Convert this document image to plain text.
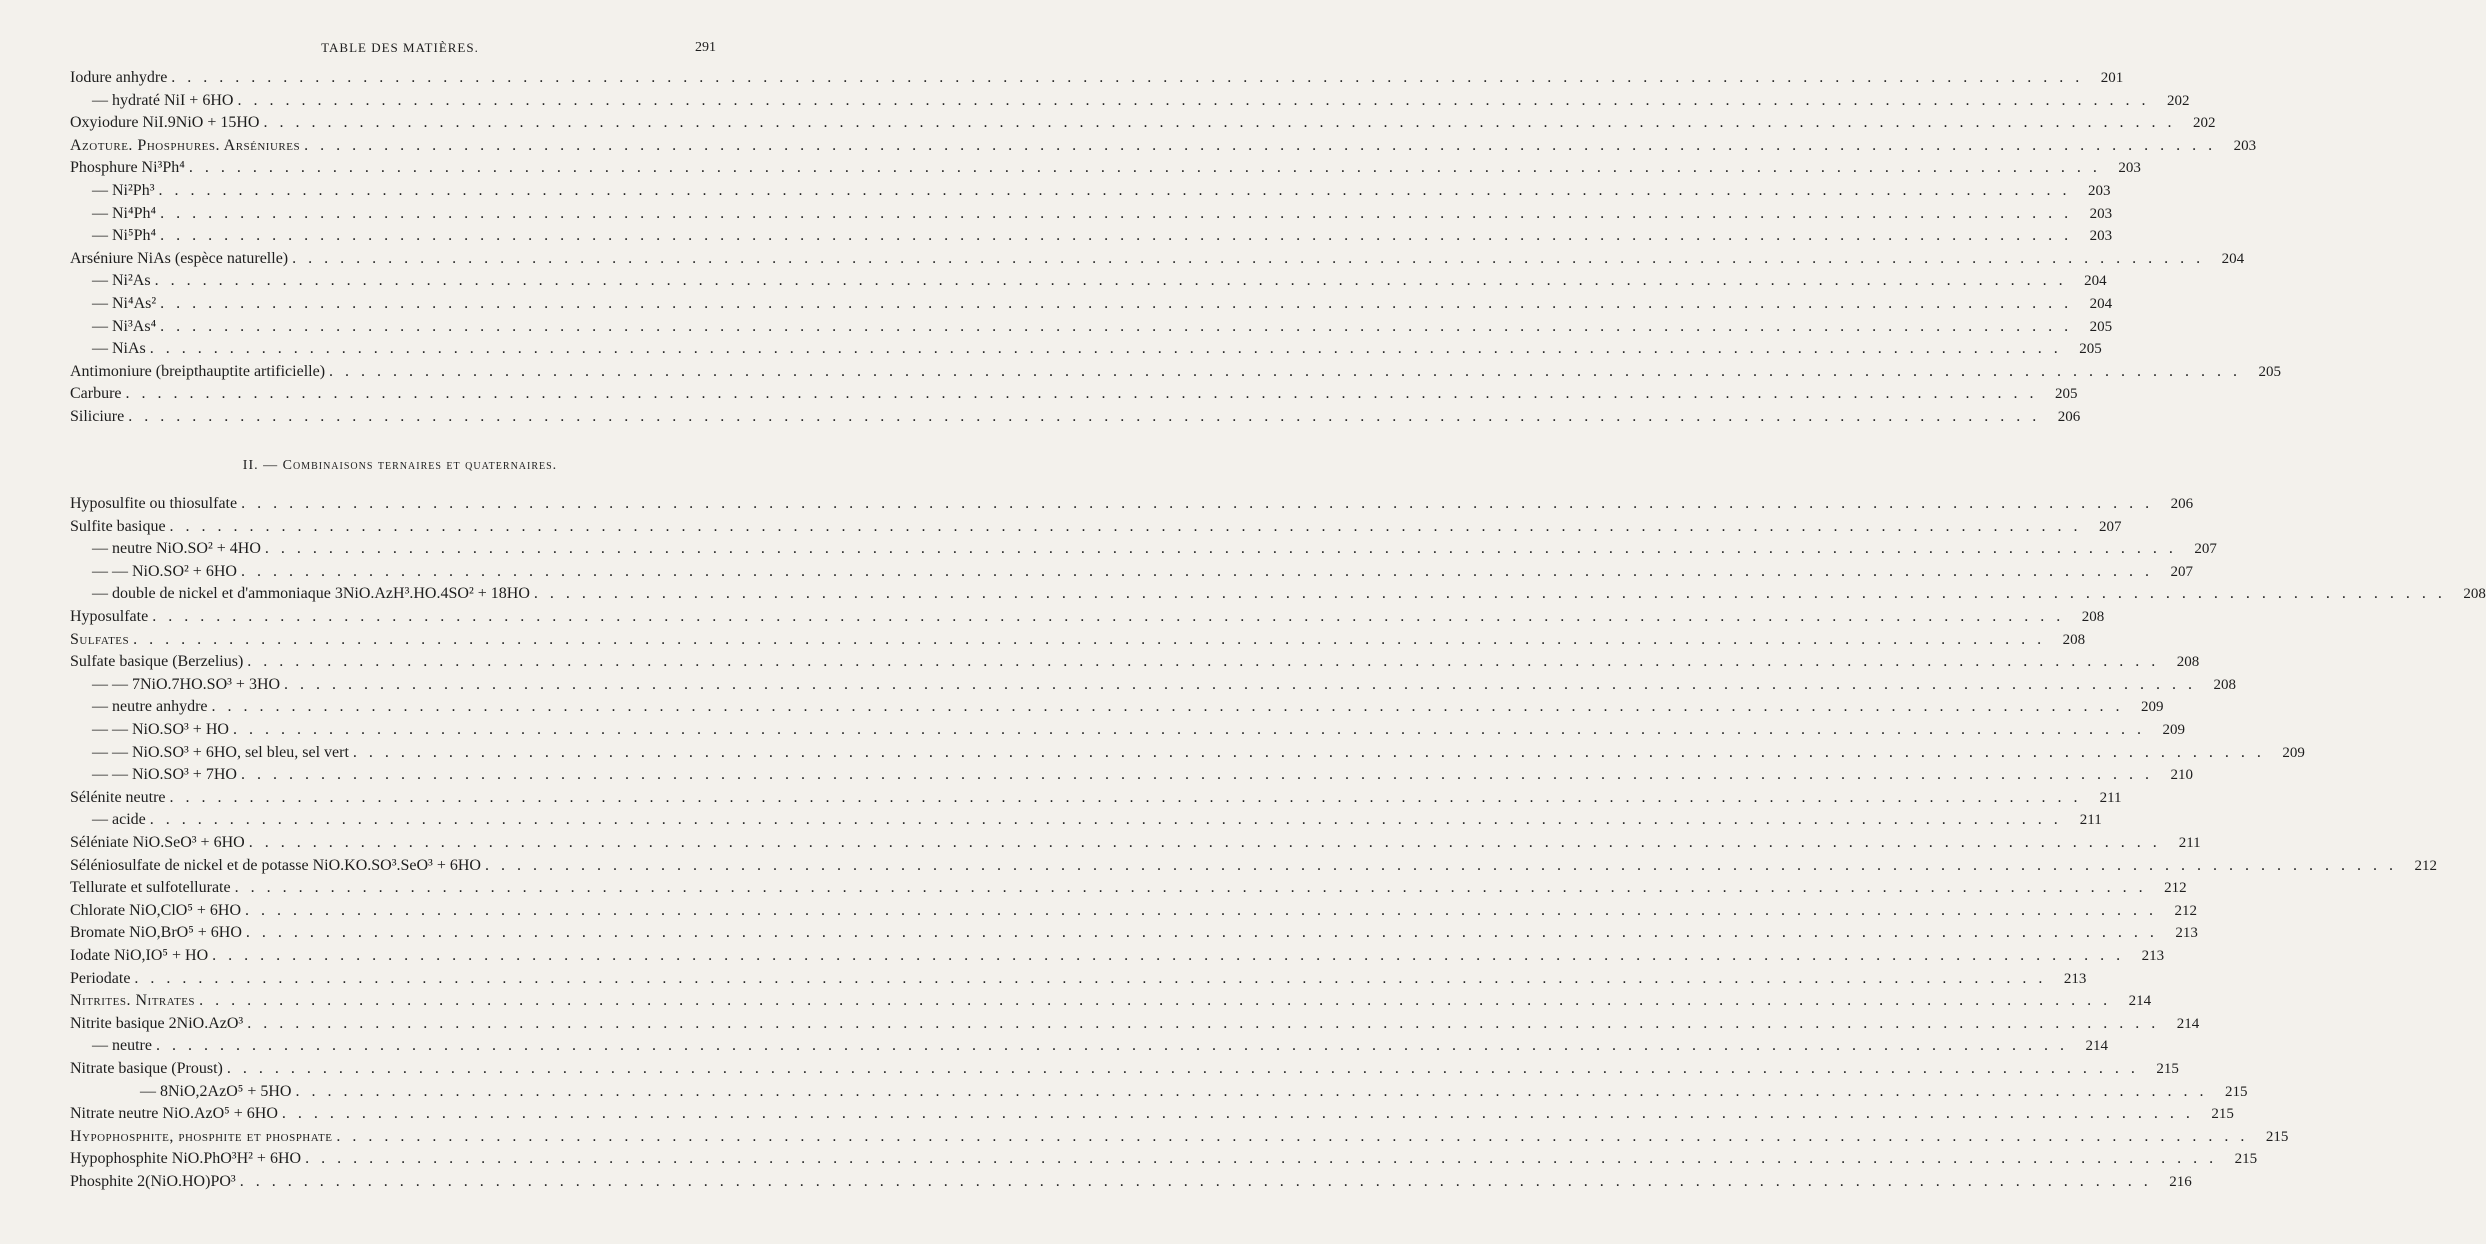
TABLE DES MATIÈRES.	291
Iodure anhydre . . . . . . . . . . . . . . . . . . . . . . . . . . . . . . . . . . . . . . . . . . . . . . . . . . . . . . . . . . . . . . . . . . . . . . . . . . . . . . . . . . . . . . . . . . . . . . . . . . . . . . . . . . . . . . . . . . . . . . . .	201
— hydraté NiI + 6HO . . . . . . . . . . . . . . . . . . . . . . . . . . . . . . . . . . . . . . . . . . . . . . . . . . . . . . . . . . . . . . . . . . . . . . . . . . . . . . . . . . . . . . . . . . . . . . . . . . . . . . . . . . . . . . . . . . . . . . . .	202
Oxyiodure NiI.9NiO + 15HO . . . . . . . . . . . . . . . . . . . . . . . . . . . . . . . . . . . . . . . . . . . . . . . . . . . . . . . . . . . . . . . . . . . . . . . . . . . . . . . . . . . . . . . . . . . . . . . . . . . . . . . . . . . . . . . . . . . . . . . .	202
Azoture. Phosphures. Arséniures . . . . . . . . . . . . . . . . . . . . . . . . . . . . . . . . . . . . . . . . . . . . . . . . . . . . . . . . . . . . . . . . . . . . . . . . . . . . . . . . . . . . . . . . . . . . . . . . . . . . . . . . . . . . . . . . . . . . . . . .	203
Phosphure Ni³Ph⁴ . . . . . . . . . . . . . . . . . . . . . . . . . . . . . . . . . . . . . . . . . . . . . . . . . . . . . . . . . . . . . . . . . . . . . . . . . . . . . . . . . . . . . . . . . . . . . . . . . . . . . . . . . . . . . . . . . . . . . . . .	203
— Ni²Ph³ . . . . . . . . . . . . . . . . . . . . . . . . . . . . . . . . . . . . . . . . . . . . . . . . . . . . . . . . . . . . . . . . . . . . . . . . . . . . . . . . . . . . . . . . . . . . . . . . . . . . . . . . . . . . . . . . . . . . . . . .	203
— Ni⁴Ph⁴ . . . . . . . . . . . . . . . . . . . . . . . . . . . . . . . . . . . . . . . . . . . . . . . . . . . . . . . . . . . . . . . . . . . . . . . . . . . . . . . . . . . . . . . . . . . . . . . . . . . . . . . . . . . . . . . . . . . . . . . .	203
— Ni⁵Ph⁴ . . . . . . . . . . . . . . . . . . . . . . . . . . . . . . . . . . . . . . . . . . . . . . . . . . . . . . . . . . . . . . . . . . . . . . . . . . . . . . . . . . . . . . . . . . . . . . . . . . . . . . . . . . . . . . . . . . . . . . . .	203
Arséniure NiAs (espèce naturelle) . . . . . . . . . . . . . . . . . . . . . . . . . . . . . . . . . . . . . . . . . . . . . . . . . . . . . . . . . . . . . . . . . . . . . . . . . . . . . . . . . . . . . . . . . . . . . . . . . . . . . . . . . . . . . . . . . . . . . . . .	204
— Ni²As . . . . . . . . . . . . . . . . . . . . . . . . . . . . . . . . . . . . . . . . . . . . . . . . . . . . . . . . . . . . . . . . . . . . . . . . . . . . . . . . . . . . . . . . . . . . . . . . . . . . . . . . . . . . . . . . . . . . . . . .	204
— Ni⁴As² . . . . . . . . . . . . . . . . . . . . . . . . . . . . . . . . . . . . . . . . . . . . . . . . . . . . . . . . . . . . . . . . . . . . . . . . . . . . . . . . . . . . . . . . . . . . . . . . . . . . . . . . . . . . . . . . . . . . . . . .	204
— Ni³As⁴ . . . . . . . . . . . . . . . . . . . . . . . . . . . . . . . . . . . . . . . . . . . . . . . . . . . . . . . . . . . . . . . . . . . . . . . . . . . . . . . . . . . . . . . . . . . . . . . . . . . . . . . . . . . . . . . . . . . . . . . .	205
— NiAs . . . . . . . . . . . . . . . . . . . . . . . . . . . . . . . . . . . . . . . . . . . . . . . . . . . . . . . . . . . . . . . . . . . . . . . . . . . . . . . . . . . . . . . . . . . . . . . . . . . . . . . . . . . . . . . . . . . . . . . .	205
Antimoniure (breipthauptite artificielle) . . . . . . . . . . . . . . . . . . . . . . . . . . . . . . . . . . . . . . . . . . . . . . . . . . . . . . . . . . . . . . . . . . . . . . . . . . . . . . . . . . . . . . . . . . . . . . . . . . . . . . . . . . . . . . . . . . . . . . . .	205
Carbure . . . . . . . . . . . . . . . . . . . . . . . . . . . . . . . . . . . . . . . . . . . . . . . . . . . . . . . . . . . . . . . . . . . . . . . . . . . . . . . . . . . . . . . . . . . . . . . . . . . . . . . . . . . . . . . . . . . . . . . .	205
Siliciure . . . . . . . . . . . . . . . . . . . . . . . . . . . . . . . . . . . . . . . . . . . . . . . . . . . . . . . . . . . . . . . . . . . . . . . . . . . . . . . . . . . . . . . . . . . . . . . . . . . . . . . . . . . . . . . . . . . . . . . .	206
II. — Combinaisons ternaires et quaternaires.
Hyposulfite ou thiosulfate . . . . . . . . . . . . . . . . . . . . . . . . . . . . . . . . . . . . . . . . . . . . . . . . . . . . . . . . . . . . . . . . . . . . . . . . . . . . . . . . . . . . . . . . . . . . . . . . . . . . . . . . . . . . . . . . . . . . . . . .	206
Sulfite basique . . . . . . . . . . . . . . . . . . . . . . . . . . . . . . . . . . . . . . . . . . . . . . . . . . . . . . . . . . . . . . . . . . . . . . . . . . . . . . . . . . . . . . . . . . . . . . . . . . . . . . . . . . . . . . . . . . . . . . . .	207
— neutre NiO.SO² + 4HO . . . . . . . . . . . . . . . . . . . . . . . . . . . . . . . . . . . . . . . . . . . . . . . . . . . . . . . . . . . . . . . . . . . . . . . . . . . . . . . . . . . . . . . . . . . . . . . . . . . . . . . . . . . . . . . . . . . . . . . .	207
— — NiO.SO² + 6HO . . . . . . . . . . . . . . . . . . . . . . . . . . . . . . . . . . . . . . . . . . . . . . . . . . . . . . . . . . . . . . . . . . . . . . . . . . . . . . . . . . . . . . . . . . . . . . . . . . . . . . . . . . . . . . . . . . . . . . . .	207
— double de nickel et d'ammoniaque 3NiO.AzH³.HO.4SO² + 18HO . . . . . . . . . . . . . . . . . . . . . . . . . . . . . . . . . . . . . . . . . . . . . . . . . . . . . . . . . . . . . . . . . . . . . . . . . . . . . . . . . . . . . . . . . . . . . . . . . . . . . . . . . . . . . . . . . . . . . . . .	208
Hyposulfate . . . . . . . . . . . . . . . . . . . . . . . . . . . . . . . . . . . . . . . . . . . . . . . . . . . . . . . . . . . . . . . . . . . . . . . . . . . . . . . . . . . . . . . . . . . . . . . . . . . . . . . . . . . . . . . . . . . . . . . .	208
Sulfates . . . . . . . . . . . . . . . . . . . . . . . . . . . . . . . . . . . . . . . . . . . . . . . . . . . . . . . . . . . . . . . . . . . . . . . . . . . . . . . . . . . . . . . . . . . . . . . . . . . . . . . . . . . . . . . . . . . . . . . .	208
Sulfate basique (Berzelius) . . . . . . . . . . . . . . . . . . . . . . . . . . . . . . . . . . . . . . . . . . . . . . . . . . . . . . . . . . . . . . . . . . . . . . . . . . . . . . . . . . . . . . . . . . . . . . . . . . . . . . . . . . . . . . . . . . . . . . . .	208
— — 7NiO.7HO.SO³ + 3HO . . . . . . . . . . . . . . . . . . . . . . . . . . . . . . . . . . . . . . . . . . . . . . . . . . . . . . . . . . . . . . . . . . . . . . . . . . . . . . . . . . . . . . . . . . . . . . . . . . . . . . . . . . . . . . . . . . . . . . . .	208
— neutre anhydre . . . . . . . . . . . . . . . . . . . . . . . . . . . . . . . . . . . . . . . . . . . . . . . . . . . . . . . . . . . . . . . . . . . . . . . . . . . . . . . . . . . . . . . . . . . . . . . . . . . . . . . . . . . . . . . . . . . . . . . .	209
— — NiO.SO³ + HO . . . . . . . . . . . . . . . . . . . . . . . . . . . . . . . . . . . . . . . . . . . . . . . . . . . . . . . . . . . . . . . . . . . . . . . . . . . . . . . . . . . . . . . . . . . . . . . . . . . . . . . . . . . . . . . . . . . . . . . .	209
— — NiO.SO³ + 6HO, sel bleu, sel vert . . . . . . . . . . . . . . . . . . . . . . . . . . . . . . . . . . . . . . . . . . . . . . . . . . . . . . . . . . . . . . . . . . . . . . . . . . . . . . . . . . . . . . . . . . . . . . . . . . . . . . . . . . . . . . . . . . . . . . . .	209
— — NiO.SO³ + 7HO . . . . . . . . . . . . . . . . . . . . . . . . . . . . . . . . . . . . . . . . . . . . . . . . . . . . . . . . . . . . . . . . . . . . . . . . . . . . . . . . . . . . . . . . . . . . . . . . . . . . . . . . . . . . . . . . . . . . . . . .	210
Sélénite neutre . . . . . . . . . . . . . . . . . . . . . . . . . . . . . . . . . . . . . . . . . . . . . . . . . . . . . . . . . . . . . . . . . . . . . . . . . . . . . . . . . . . . . . . . . . . . . . . . . . . . . . . . . . . . . . . . . . . . . . . .	211
— acide . . . . . . . . . . . . . . . . . . . . . . . . . . . . . . . . . . . . . . . . . . . . . . . . . . . . . . . . . . . . . . . . . . . . . . . . . . . . . . . . . . . . . . . . . . . . . . . . . . . . . . . . . . . . . . . . . . . . . . . .	211
Séléniate NiO.SeO³ + 6HO . . . . . . . . . . . . . . . . . . . . . . . . . . . . . . . . . . . . . . . . . . . . . . . . . . . . . . . . . . . . . . . . . . . . . . . . . . . . . . . . . . . . . . . . . . . . . . . . . . . . . . . . . . . . . . . . . . . . . . . .	211
Séléniosulfate de nickel et de potasse NiO.KO.SO³.SeO³ + 6HO . . . . . . . . . . . . . . . . . . . . . . . . . . . . . . . . . . . . . . . . . . . . . . . . . . . . . . . . . . . . . . . . . . . . . . . . . . . . . . . . . . . . . . . . . . . . . . . . . . . . . . . . . . . . . . . . . . . . . . . .	212
Tellurate et sulfotellurate . . . . . . . . . . . . . . . . . . . . . . . . . . . . . . . . . . . . . . . . . . . . . . . . . . . . . . . . . . . . . . . . . . . . . . . . . . . . . . . . . . . . . . . . . . . . . . . . . . . . . . . . . . . . . . . . . . . . . . . .	212
Chlorate NiO,ClO⁵ + 6HO . . . . . . . . . . . . . . . . . . . . . . . . . . . . . . . . . . . . . . . . . . . . . . . . . . . . . . . . . . . . . . . . . . . . . . . . . . . . . . . . . . . . . . . . . . . . . . . . . . . . . . . . . . . . . . . . . . . . . . . .	212
Bromate NiO,BrO⁵ + 6HO . . . . . . . . . . . . . . . . . . . . . . . . . . . . . . . . . . . . . . . . . . . . . . . . . . . . . . . . . . . . . . . . . . . . . . . . . . . . . . . . . . . . . . . . . . . . . . . . . . . . . . . . . . . . . . . . . . . . . . . .	213
Iodate NiO,IO⁵ + HO . . . . . . . . . . . . . . . . . . . . . . . . . . . . . . . . . . . . . . . . . . . . . . . . . . . . . . . . . . . . . . . . . . . . . . . . . . . . . . . . . . . . . . . . . . . . . . . . . . . . . . . . . . . . . . . . . . . . . . . .	213
Periodate . . . . . . . . . . . . . . . . . . . . . . . . . . . . . . . . . . . . . . . . . . . . . . . . . . . . . . . . . . . . . . . . . . . . . . . . . . . . . . . . . . . . . . . . . . . . . . . . . . . . . . . . . . . . . . . . . . . . . . . .	213
Nitrites. Nitrates . . . . . . . . . . . . . . . . . . . . . . . . . . . . . . . . . . . . . . . . . . . . . . . . . . . . . . . . . . . . . . . . . . . . . . . . . . . . . . . . . . . . . . . . . . . . . . . . . . . . . . . . . . . . . . . . . . . . . . . .	214
Nitrite basique 2NiO.AzO³ . . . . . . . . . . . . . . . . . . . . . . . . . . . . . . . . . . . . . . . . . . . . . . . . . . . . . . . . . . . . . . . . . . . . . . . . . . . . . . . . . . . . . . . . . . . . . . . . . . . . . . . . . . . . . . . . . . . . . . . .	214
— neutre . . . . . . . . . . . . . . . . . . . . . . . . . . . . . . . . . . . . . . . . . . . . . . . . . . . . . . . . . . . . . . . . . . . . . . . . . . . . . . . . . . . . . . . . . . . . . . . . . . . . . . . . . . . . . . . . . . . . . . . .	214
Nitrate basique (Proust) . . . . . . . . . . . . . . . . . . . . . . . . . . . . . . . . . . . . . . . . . . . . . . . . . . . . . . . . . . . . . . . . . . . . . . . . . . . . . . . . . . . . . . . . . . . . . . . . . . . . . . . . . . . . . . . . . . . . . . . .	215
— 8NiO,2AzO⁵ + 5HO . . . . . . . . . . . . . . . . . . . . . . . . . . . . . . . . . . . . . . . . . . . . . . . . . . . . . . . . . . . . . . . . . . . . . . . . . . . . . . . . . . . . . . . . . . . . . . . . . . . . . . . . . . . . . . . . . . . . . . . .	215
Nitrate neutre NiO.AzO⁵ + 6HO . . . . . . . . . . . . . . . . . . . . . . . . . . . . . . . . . . . . . . . . . . . . . . . . . . . . . . . . . . . . . . . . . . . . . . . . . . . . . . . . . . . . . . . . . . . . . . . . . . . . . . . . . . . . . . . . . . . . . . . .	215
Hypophosphite, phosphite et phosphate . . . . . . . . . . . . . . . . . . . . . . . . . . . . . . . . . . . . . . . . . . . . . . . . . . . . . . . . . . . . . . . . . . . . . . . . . . . . . . . . . . . . . . . . . . . . . . . . . . . . . . . . . . . . . . . . . . . . . . . .	215
Hypophosphite NiO.PhO³H² + 6HO . . . . . . . . . . . . . . . . . . . . . . . . . . . . . . . . . . . . . . . . . . . . . . . . . . . . . . . . . . . . . . . . . . . . . . . . . . . . . . . . . . . . . . . . . . . . . . . . . . . . . . . . . . . . . . . . . . . . . . . .	215
Phosphite 2(NiO.HO)PO³ . . . . . . . . . . . . . . . . . . . . . . . . . . . . . . . . . . . . . . . . . . . . . . . . . . . . . . . . . . . . . . . . . . . . . . . . . . . . . . . . . . . . . . . . . . . . . . . . . . . . . . . . . . . . . . . . . . . . . . . .	216
